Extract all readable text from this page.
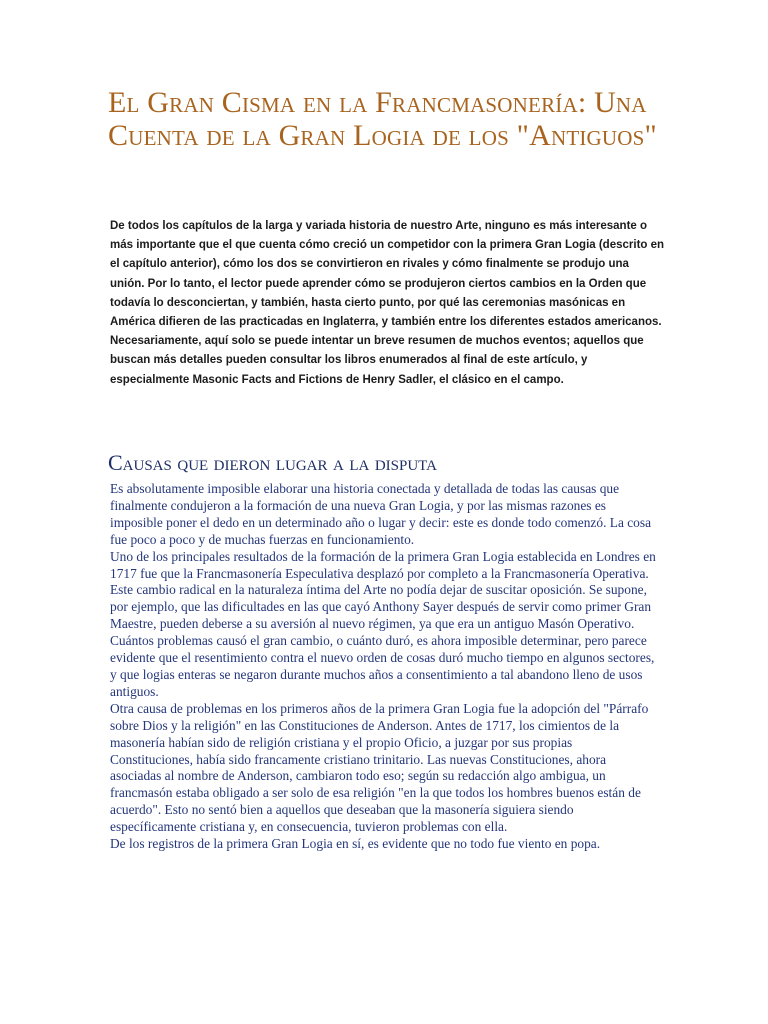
El Gran Cisma en la Francmasonería: Una Cuenta de la Gran Logia de los "Antiguos"

De todos los capítulos de la larga y variada historia de nuestro Arte, ninguno es más interesante o más importante que el que cuenta cómo creció un competidor con la primera Gran Logia (descrito en el capítulo anterior), cómo los dos se convirtieron en rivales y cómo finalmente se produjo una unión. Por lo tanto, el lector puede aprender cómo se produjeron ciertos cambios en la Orden que todavía lo desconciertan, y también, hasta cierto punto, por qué las ceremonias masónicas en América difieren de las practicadas en Inglaterra, y también entre los diferentes estados americanos. Necesariamente, aquí solo se puede intentar un breve resumen de muchos eventos; aquellos que buscan más detalles pueden consultar los libros enumerados al final de este artículo, y especialmente Masonic Facts and Fictions de Henry Sadler, el clásico en el campo.

Causas que dieron lugar a la disputa

Es absolutamente imposible elaborar una historia conectada y detallada de todas las causas que finalmente condujeron a la formación de una nueva Gran Logia, y por las mismas razones es imposible poner el dedo en un determinado año o lugar y decir: este es donde todo comenzó. La cosa fue poco a poco y de muchas fuerzas en funcionamiento.

Uno de los principales resultados de la formación de la primera Gran Logia establecida en Londres en 1717 fue que la Francmasonería Especulativa desplazó por completo a la Francmasonería Operativa. Este cambio radical en la naturaleza íntima del Arte no podía dejar de suscitar oposición. Se supone, por ejemplo, que las dificultades en las que cayó Anthony Sayer después de servir como primer Gran Maestre, pueden deberse a su aversión al nuevo régimen, ya que era un antiguo Masón Operativo. Cuántos problemas causó el gran cambio, o cuánto duró, es ahora imposible determinar, pero parece evidente que el resentimiento contra el nuevo orden de cosas duró mucho tiempo en algunos sectores, y que logias enteras se negaron durante muchos años a consentimiento a tal abandono lleno de usos antiguos.

Otra causa de problemas en los primeros años de la primera Gran Logia fue la adopción del "Párrafo sobre Dios y la religión" en las Constituciones de Anderson. Antes de 1717, los cimientos de la masonería habían sido de religión cristiana y el propio Oficio, a juzgar por sus propias Constituciones, había sido francamente cristiano trinitario. Las nuevas Constituciones, ahora asociadas al nombre de Anderson, cambiaron todo eso; según su redacción algo ambigua, un francmasón estaba obligado a ser solo de esa religión "en la que todos los hombres buenos están de acuerdo". Esto no sentó bien a aquellos que deseaban que la masonería siguiera siendo específicamente cristiana y, en consecuencia, tuvieron problemas con ella.

De los registros de la primera Gran Logia en sí, es evidente que no todo fue viento en popa.
